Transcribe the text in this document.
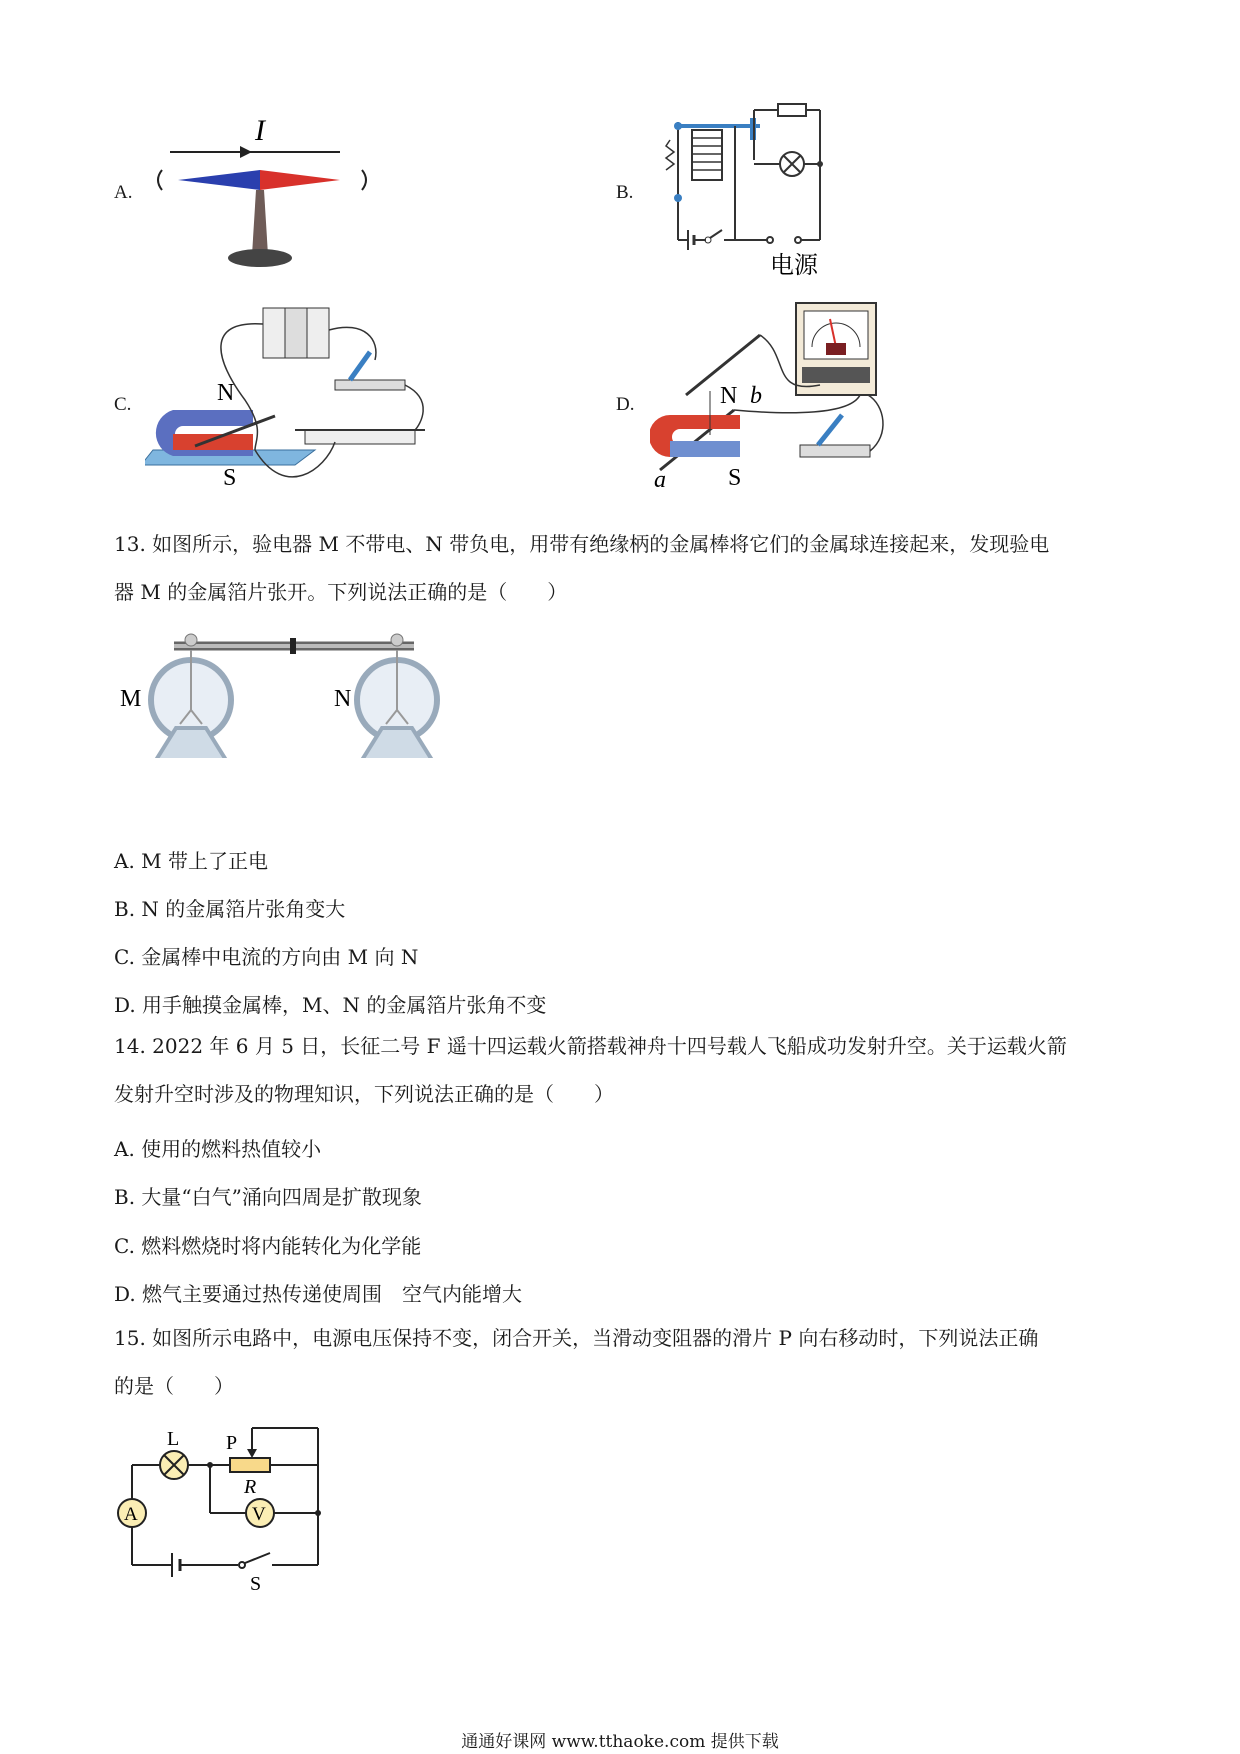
A.
I
B.
电源
C.	N
S
D.	N b
S
a
13. 如图所示，验电器 M 不带电、N 带负电，用带有绝缘柄的金属棒将它们的金属球连接起来，发现验电
器 M 的金属箔片张开。下列说法正确的是（　　）
M	N
A. M 带上了正电
B. N 的金属箔片张角变大
C. 金属棒中电流的方向由 M 向 N
D. 用手触摸金属棒，M、N 的金属箔片张角不变
14. 2022 年 6 月 5 日，长征二号 F 遥十四运载火箭搭载神舟十四号载人飞船成功发射升空。关于运载火箭
发射升空时涉及的物理知识，下列说法正确的是（　　）
A. 使用的燃料热值较小
B. 大量“白气”涌向四周是扩散现象
C. 燃料燃烧时将内能转化为化学能
D. 燃气主要通过热传递使周围　空气内能增大
15. 如图所示电路中，电源电压保持不变，闭合开关，当滑动变阻器的滑片 P 向右移动时，下列说法正确
的是（　　）
L P
R
V
A
S
通通好课网 www.tthaoke.com 提供下载
